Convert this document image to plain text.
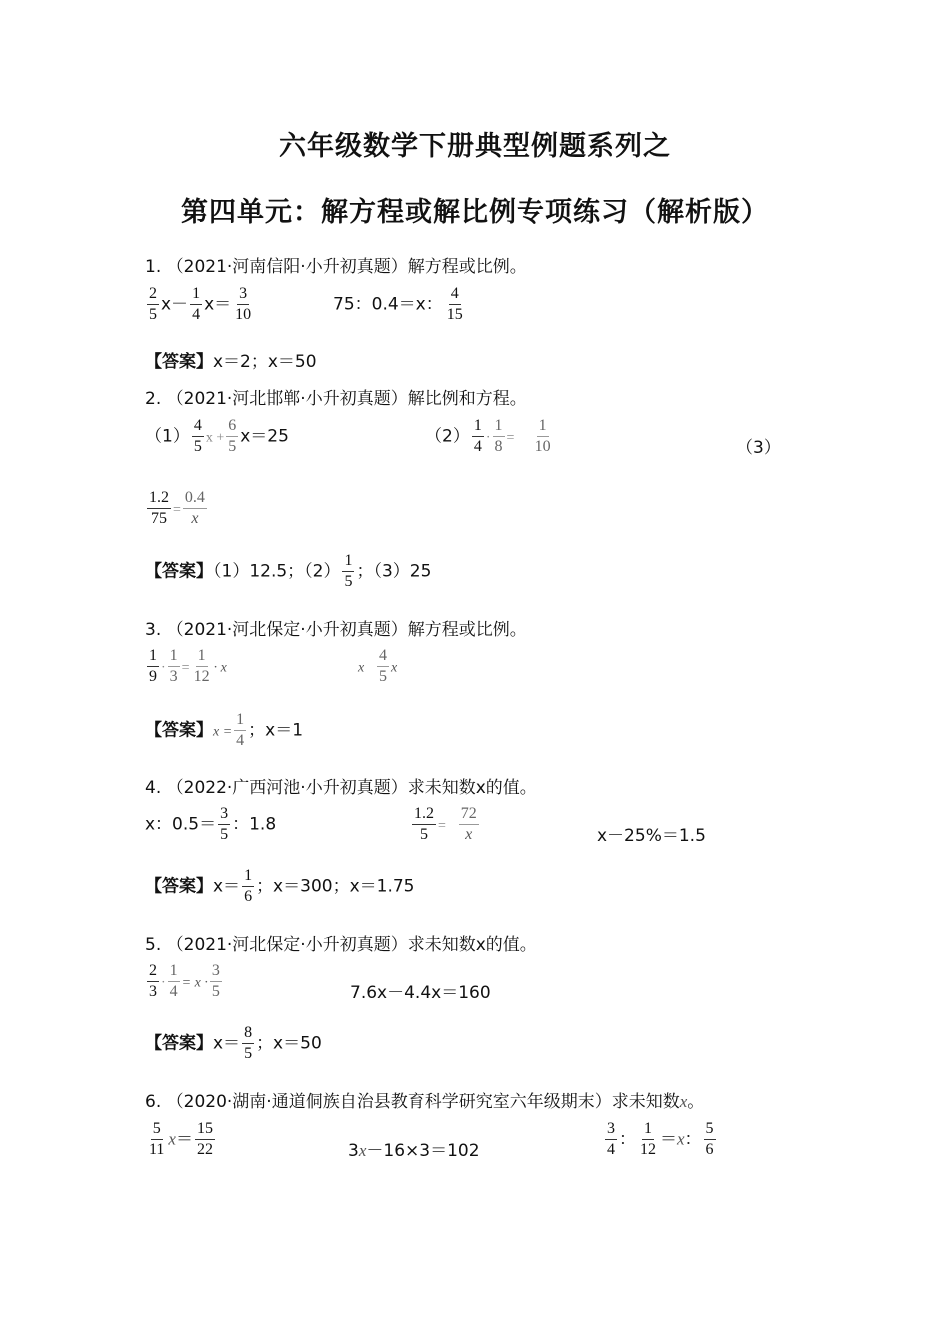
六年级数学下册典型例题系列之
第四单元：解方程或解比例专项练习（解析版）
1. （2021·河南信阳·小升初真题）解方程或比例。
$\frac{2}{5} x- \frac{1}{4} x= \frac{3}{10}$	75：0.4＝x： $\frac{4}{15}$
【答案】x＝2；x＝50
2. （2021·河北邯郸·小升初真题）解比例和方程。
$(1) \frac{4}{5}$ $x + \frac{6}{5} x=25$	$(2) \frac{1}{4} \cdot \frac{1}{8} = \frac{1}{10}$	（3）
$\frac{1.2}{75} = \frac{0.4}{x}$
【答案】（1）12.5；$(2) \frac{1}{5}$ ；（3）25
3. （2021·河北保定·小升初真题）解方程或比例。
$\frac{1}{9} \cdot \frac{1}{3} = \frac{1}{12} \cdot x$	x $\frac{4}{5}$ x
【答案】$x = \frac{1}{4}$ ；x＝1
4. （2022·广西河池·小升初真题）求未知数x的值。
x：$0.5= \frac{3}{5}$ ：1.8	$\frac{1.2}{5} = \frac{72}{x}$	x－25%＝1.5
【答案】$x= \frac{1}{6}$ ；x＝300；x＝1.75
5. （2021·河北保定·小升初真题）求未知数x的值。
$\frac{2}{3} \cdot \frac{1}{4} = x \cdot \frac{3}{5}$	7.6x－4.4x＝160
【答案】$x= \frac{8}{5}$ ；x＝50
6. （2020·湖南·通道侗族自治县教育科学研究室六年级期末）求未知数x。
$\frac{5}{11} x= \frac{15}{22}$	3x－16×3＝102	$\frac{3}{4}$ ： $\frac{1}{12} =x$： $\frac{5}{6}$
